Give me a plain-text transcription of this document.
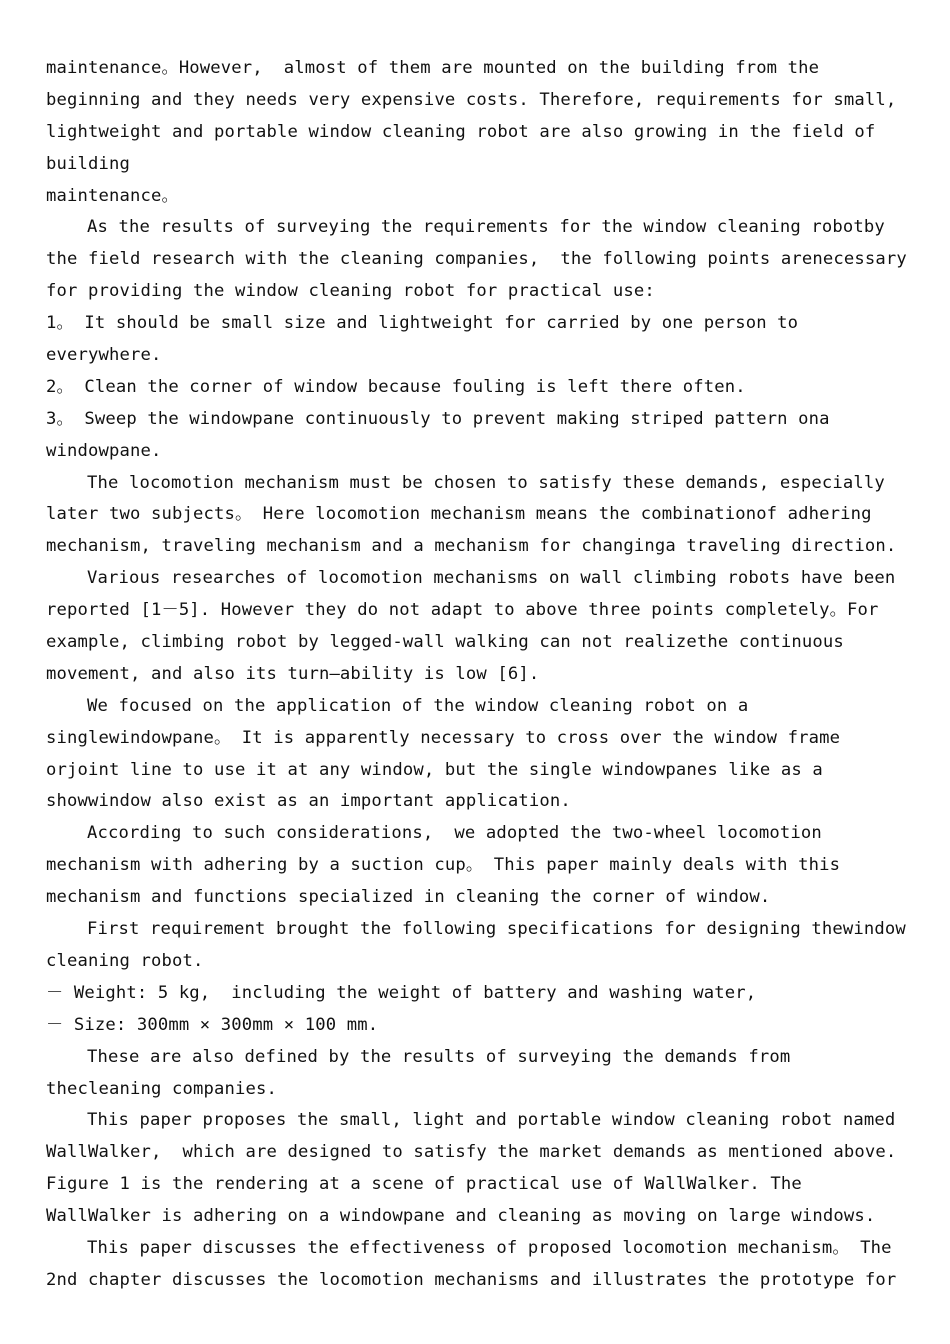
maintenance。However,  almost of them are mounted on the building from the
beginning and they needs very expensive costs. Therefore, requirements for small,
lightweight and portable window cleaning robot are also growing in the field of
building
maintenance。
As the results of surveying the requirements for the window cleaning robotby
the field research with the cleaning companies,  the following points arenecessary
for providing the window cleaning robot for practical use:
1。 It should be small size and lightweight for carried by one person to
everywhere.
2。 Clean the corner of window because fouling is left there often.
3。 Sweep the windowpane continuously to prevent making striped pattern ona
windowpane.
The locomotion mechanism must be chosen to satisfy these demands, especially
later two subjects。 Here locomotion mechanism means the combinationof adhering
mechanism, traveling mechanism and a mechanism for changinga traveling direction.
Various researches of locomotion mechanisms on wall climbing robots have been
reported [1－5]. However they do not adapt to above three points completely。For
example, climbing robot by legged-wall walking can not realizethe continuous
movement, and also its turn—ability is low [6].
We focused on the application of the window cleaning robot on a
singlewindowpane。 It is apparently necessary to cross over the window frame
orjoint line to use it at any window, but the single windowpanes like as a
showwindow also exist as an important application.
According to such considerations,  we adopted the two-wheel locomotion
mechanism with adhering by a suction cup。 This paper mainly deals with this
mechanism and functions specialized in cleaning the corner of window.
First requirement brought the following specifications for designing thewindow
cleaning robot.
－ Weight: 5 kg,  including the weight of battery and washing water,
－ Size: 300mm × 300mm × 100 mm.
These are also defined by the results of surveying the demands from
thecleaning companies.
This paper proposes the small, light and portable window cleaning robot named
WallWalker,  which are designed to satisfy the market demands as mentioned above.
Figure 1 is the rendering at a scene of practical use of WallWalker. The
WallWalker is adhering on a windowpane and cleaning as moving on large windows.
This paper discusses the effectiveness of proposed locomotion mechanism。 The
2nd chapter discusses the locomotion mechanisms and illustrates the prototype for
